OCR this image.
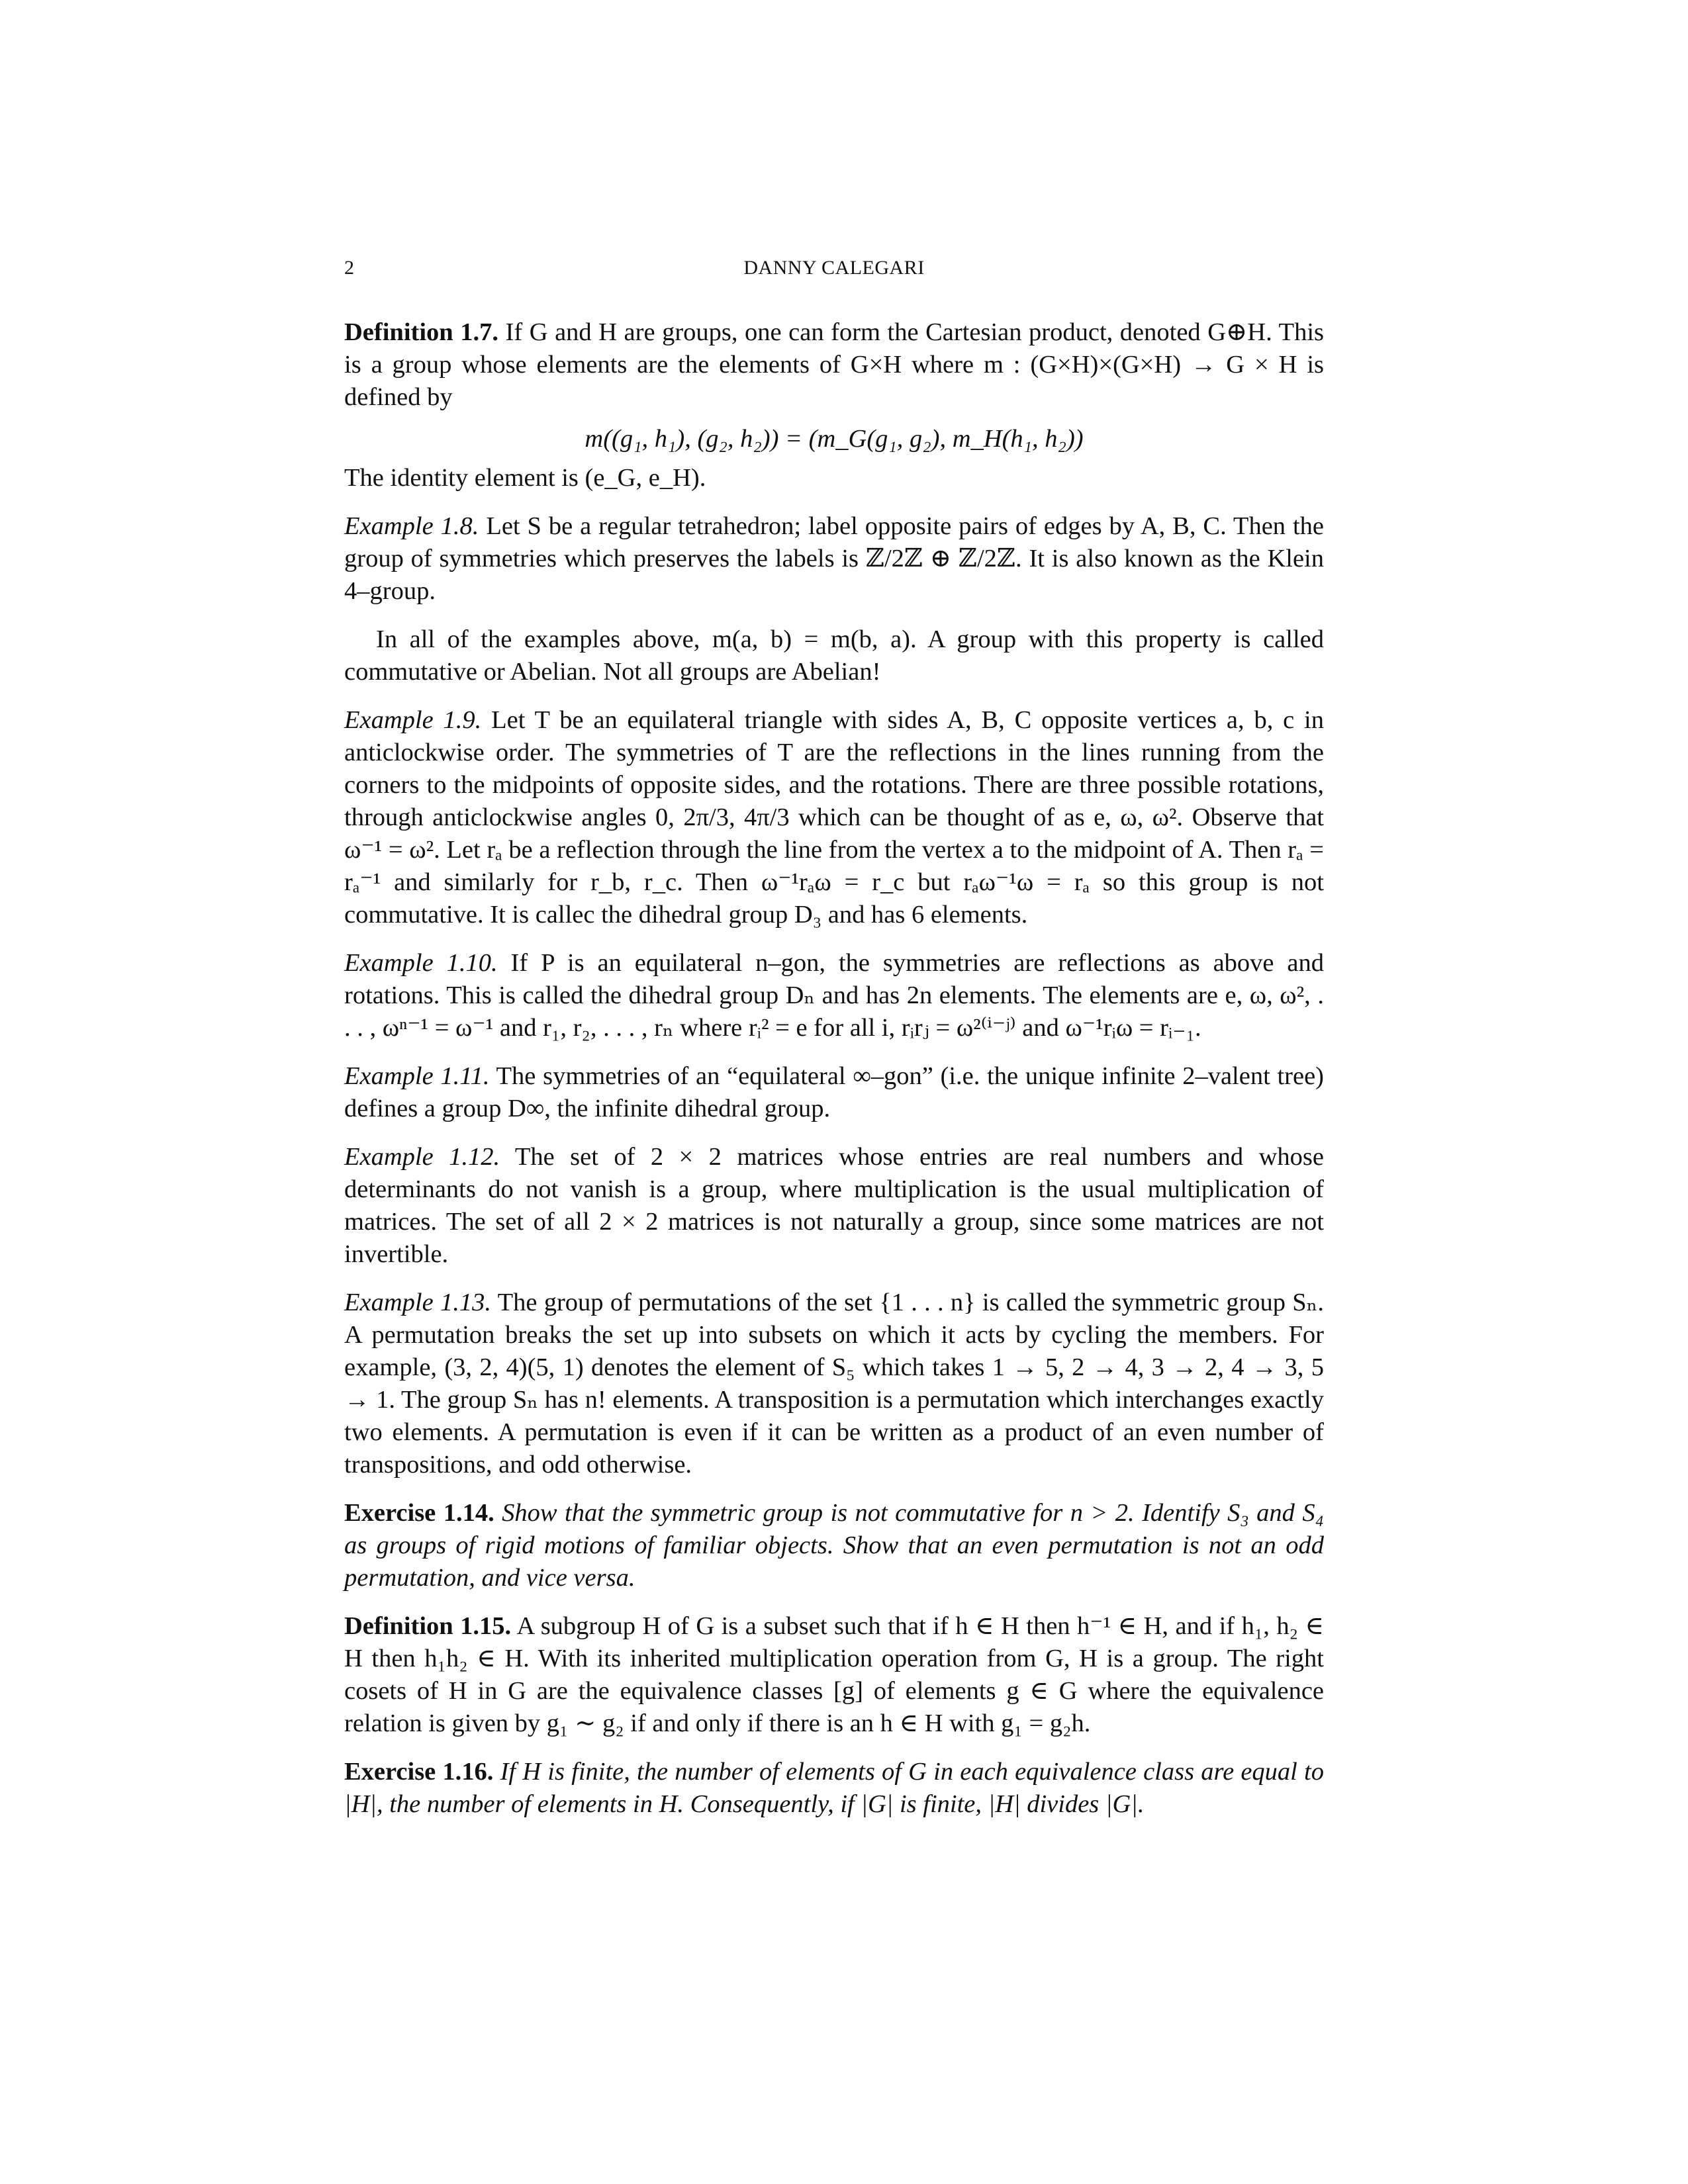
2	DANNY CALEGARI
Definition 1.7. If G and H are groups, one can form the Cartesian product, denoted G⊕H. This is a group whose elements are the elements of G×H where m : (G×H)×(G×H) → G × H is defined by
m((g₁, h₁), (g₂, h₂)) = (m_G(g₁, g₂), m_H(h₁, h₂))
The identity element is (e_G, e_H).
Example 1.8. Let S be a regular tetrahedron; label opposite pairs of edges by A, B, C. Then the group of symmetries which preserves the labels is ℤ/2ℤ ⊕ ℤ/2ℤ. It is also known as the Klein 4–group.
In all of the examples above, m(a, b) = m(b, a). A group with this property is called commutative or Abelian. Not all groups are Abelian!
Example 1.9. Let T be an equilateral triangle with sides A, B, C opposite vertices a, b, c in anticlockwise order. The symmetries of T are the reflections in the lines running from the corners to the midpoints of opposite sides, and the rotations. There are three possible rotations, through anticlockwise angles 0, 2π/3, 4π/3 which can be thought of as e, ω, ω². Observe that ω⁻¹ = ω². Let rₐ be a reflection through the line from the vertex a to the midpoint of A. Then rₐ = rₐ⁻¹ and similarly for r_b, r_c. Then ω⁻¹rₐω = r_c but rₐω⁻¹ω = rₐ so this group is not commutative. It is callec the dihedral group D₃ and has 6 elements.
Example 1.10. If P is an equilateral n–gon, the symmetries are reflections as above and rotations. This is called the dihedral group Dₙ and has 2n elements. The elements are e, ω, ω², . . . , ωⁿ⁻¹ = ω⁻¹ and r₁, r₂, . . . , rₙ where rᵢ² = e for all i, rᵢrⱼ = ω²⁽ⁱ⁻ʲ⁾ and ω⁻¹rᵢω = rᵢ₋₁.
Example 1.11. The symmetries of an “equilateral ∞–gon” (i.e. the unique infinite 2–valent tree) defines a group D∞, the infinite dihedral group.
Example 1.12. The set of 2 × 2 matrices whose entries are real numbers and whose determinants do not vanish is a group, where multiplication is the usual multiplication of matrices. The set of all 2 × 2 matrices is not naturally a group, since some matrices are not invertible.
Example 1.13. The group of permutations of the set {1 . . . n} is called the symmetric group Sₙ. A permutation breaks the set up into subsets on which it acts by cycling the members. For example, (3, 2, 4)(5, 1) denotes the element of S₅ which takes 1 → 5, 2 → 4, 3 → 2, 4 → 3, 5 → 1. The group Sₙ has n! elements. A transposition is a permutation which interchanges exactly two elements. A permutation is even if it can be written as a product of an even number of transpositions, and odd otherwise.
Exercise 1.14. Show that the symmetric group is not commutative for n > 2. Identify S₃ and S₄ as groups of rigid motions of familiar objects. Show that an even permutation is not an odd permutation, and vice versa.
Definition 1.15. A subgroup H of G is a subset such that if h ∈ H then h⁻¹ ∈ H, and if h₁, h₂ ∈ H then h₁h₂ ∈ H. With its inherited multiplication operation from G, H is a group. The right cosets of H in G are the equivalence classes [g] of elements g ∈ G where the equivalence relation is given by g₁ ∼ g₂ if and only if there is an h ∈ H with g₁ = g₂h.
Exercise 1.16. If H is finite, the number of elements of G in each equivalence class are equal to |H|, the number of elements in H. Consequently, if |G| is finite, |H| divides |G|.
